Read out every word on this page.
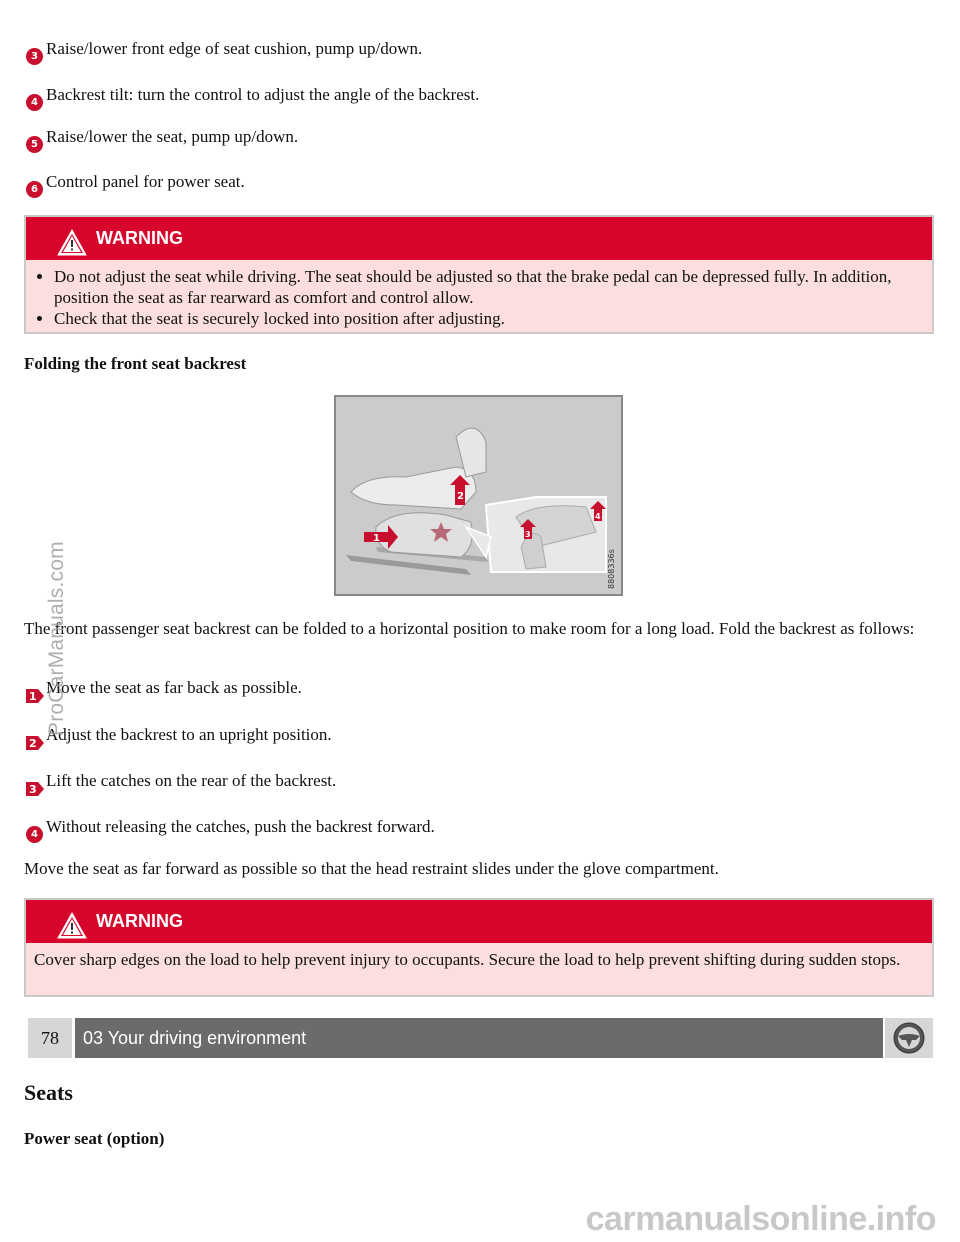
3 Raise/lower front edge of seat cushion, pump up/down.
4 Backrest tilt: turn the control to adjust the angle of the backrest.
5 Raise/lower the seat, pump up/down.
6 Control panel for power seat.
WARNING
• Do not adjust the seat while driving. The seat should be adjusted so that the brake pedal can be depressed fully. In addition, position the seat as far rearward as comfort and control allow.
• Check that the seat is securely locked into position after adjusting.
Folding the front seat backrest
1
2
3
4
8808336s
The front passenger seat backrest can be folded to a horizontal position to make room for a long load. Fold the backrest as follows:
1 Move the seat as far back as possible.
2 Adjust the backrest to an upright position.
3 Lift the catches on the rear of the backrest.
4 Without releasing the catches, push the backrest forward.
Move the seat as far forward as possible so that the head restraint slides under the glove compartment.
WARNING
Cover sharp edges on the load to help prevent injury to occupants. Secure the load to help prevent shifting during sudden stops.
78	03 Your driving environment
Seats
Power seat (option)
ProCarManuals.com
carmanualsonline.info
